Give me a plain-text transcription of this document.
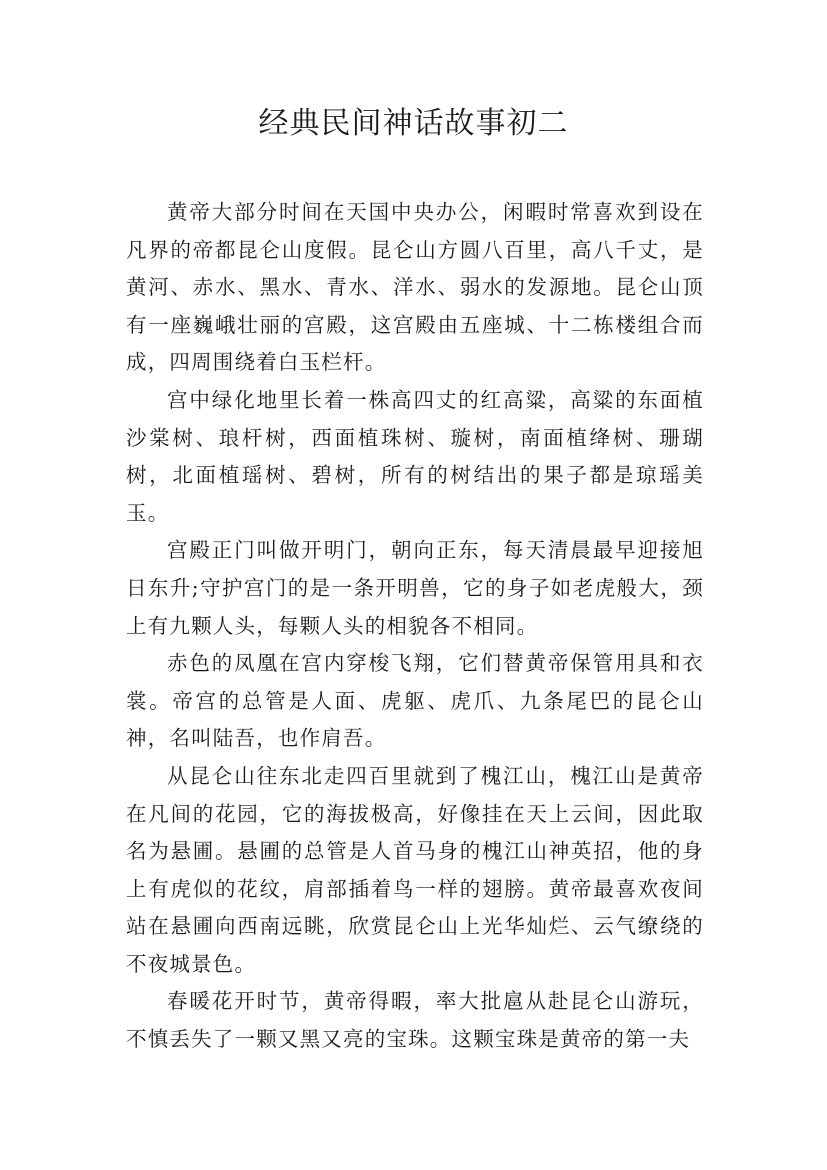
经典民间神话故事初二

黄帝大部分时间在天国中央办公，闲暇时常喜欢到设在凡界的帝都昆仑山度假。昆仑山方圆八百里，高八千丈，是黄河、赤水、黑水、青水、洋水、弱水的发源地。昆仑山顶有一座巍峨壮丽的宫殿，这宫殿由五座城、十二栋楼组合而成，四周围绕着白玉栏杆。

宫中绿化地里长着一株高四丈的红高粱，高粱的东面植沙棠树、琅杆树，西面植珠树、璇树，南面植绛树、珊瑚树，北面植瑶树、碧树，所有的树结出的果子都是琼瑶美玉。

宫殿正门叫做开明门，朝向正东，每天清晨最早迎接旭日东升;守护宫门的是一条开明兽，它的身子如老虎般大，颈上有九颗人头，每颗人头的相貌各不相同。

赤色的凤凰在宫内穿梭飞翔，它们替黄帝保管用具和衣裳。帝宫的总管是人面、虎躯、虎爪、九条尾巴的昆仑山神，名叫陆吾，也作肩吾。

从昆仑山往东北走四百里就到了槐江山，槐江山是黄帝在凡间的花园，它的海拔极高，好像挂在天上云间，因此取名为悬圃。悬圃的总管是人首马身的槐江山神英招，他的身上有虎似的花纹，肩部插着鸟一样的翅膀。黄帝最喜欢夜间站在悬圃向西南远眺，欣赏昆仑山上光华灿烂、云气缭绕的不夜城景色。

春暖花开时节，黄帝得暇，率大批扈从赴昆仑山游玩，不慎丢失了一颗又黑又亮的宝珠。这颗宝珠是黄帝的第一夫
